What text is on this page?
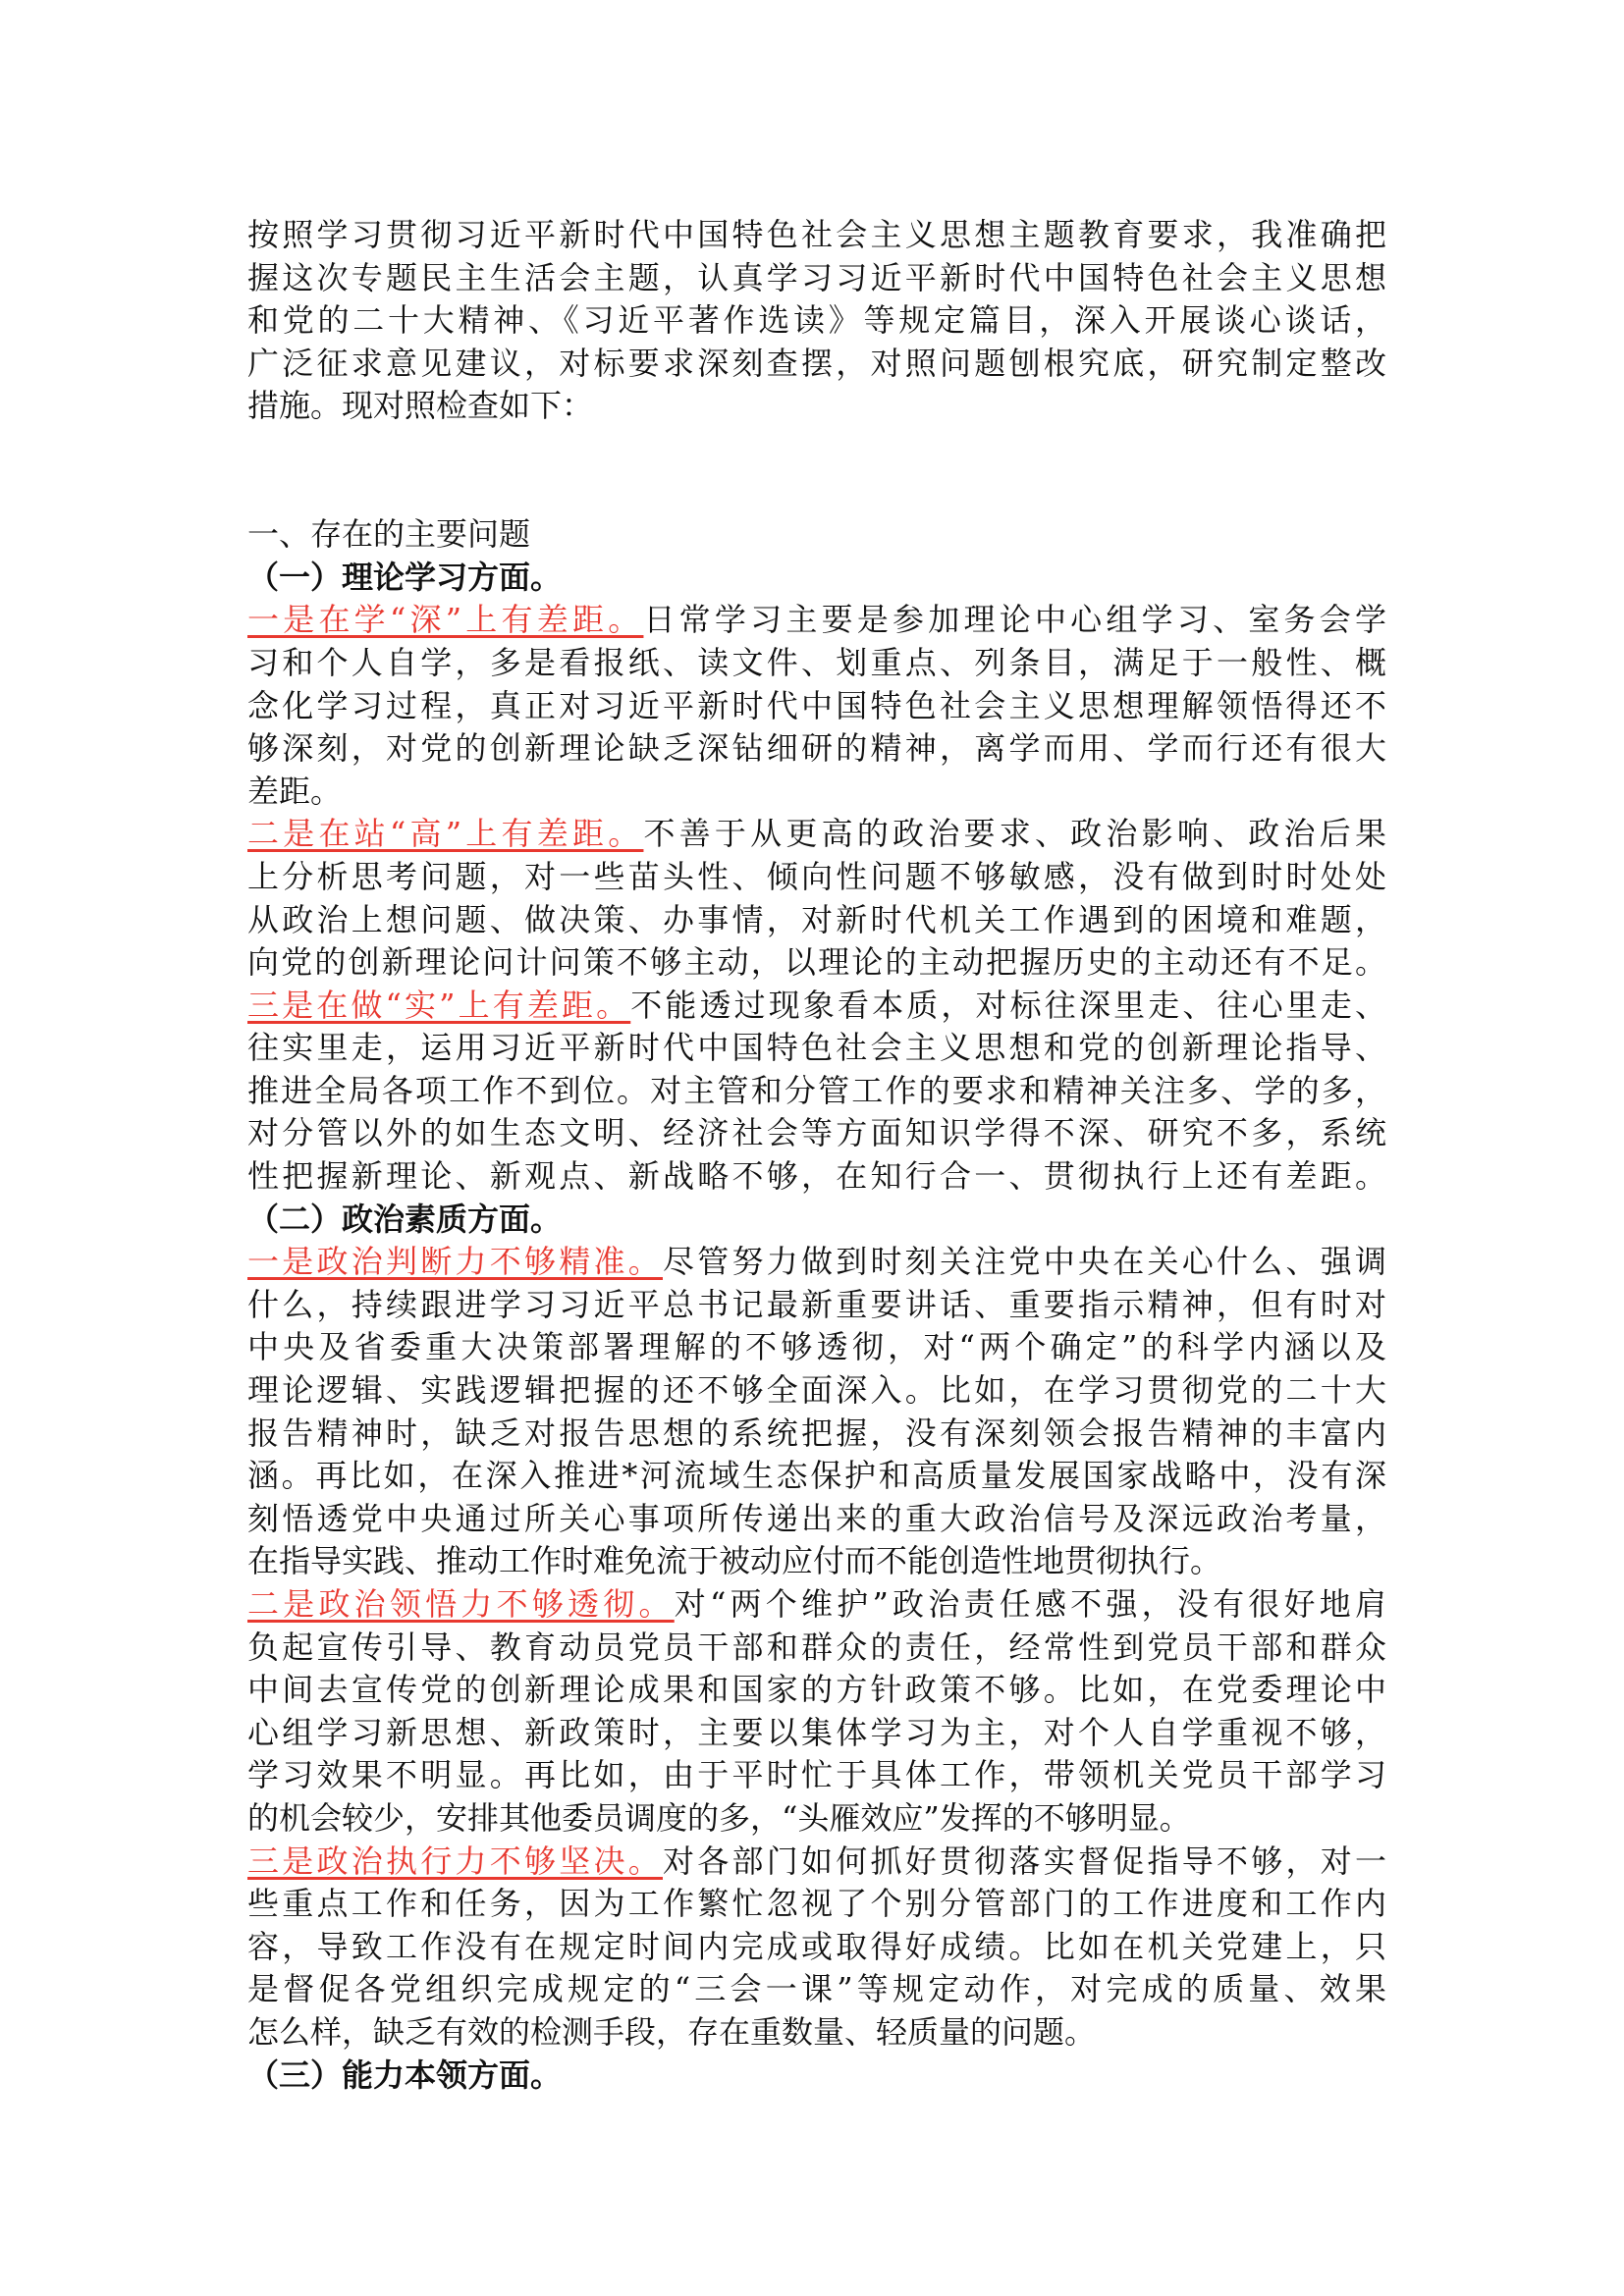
按照学习贯彻习近平新时代中国特色社会主义思想主题教育要求，我准确把
握这次专题民主生活会主题，认真学习习近平新时代中国特色社会主义思想
和党的二十大精神、《习近平著作选读》等规定篇目，深入开展谈心谈话，
广泛征求意见建议，对标要求深刻查摆，对照问题刨根究底，研究制定整改
措施。现对照检查如下：
一、存在的主要问题
（一）理论学习方面。
一是在学“深”上有差距。日常学习主要是参加理论中心组学习、室务会学
习和个人自学，多是看报纸、读文件、划重点、列条目，满足于一般性、概
念化学习过程，真正对习近平新时代中国特色社会主义思想理解领悟得还不
够深刻，对党的创新理论缺乏深钻细研的精神，离学而用、学而行还有很大
差距。
二是在站“高”上有差距。不善于从更高的政治要求、政治影响、政治后果
上分析思考问题，对一些苗头性、倾向性问题不够敏感，没有做到时时处处
从政治上想问题、做决策、办事情，对新时代机关工作遇到的困境和难题，
向党的创新理论问计问策不够主动，以理论的主动把握历史的主动还有不足。
三是在做“实”上有差距。不能透过现象看本质，对标往深里走、往心里走、
往实里走，运用习近平新时代中国特色社会主义思想和党的创新理论指导、
推进全局各项工作不到位。对主管和分管工作的要求和精神关注多、学的多，
对分管以外的如生态文明、经济社会等方面知识学得不深、研究不多，系统
性把握新理论、新观点、新战略不够，在知行合一、贯彻执行上还有差距。
（二）政治素质方面。
一是政治判断力不够精准。尽管努力做到时刻关注党中央在关心什么、强调
什么，持续跟进学习习近平总书记最新重要讲话、重要指示精神，但有时对
中央及省委重大决策部署理解的不够透彻，对“两个确定”的科学内涵以及
理论逻辑、实践逻辑把握的还不够全面深入。比如，在学习贯彻党的二十大
报告精神时，缺乏对报告思想的系统把握，没有深刻领会报告精神的丰富内
涵。再比如，在深入推进*河流域生态保护和高质量发展国家战略中，没有深
刻悟透党中央通过所关心事项所传递出来的重大政治信号及深远政治考量，
在指导实践、推动工作时难免流于被动应付而不能创造性地贯彻执行。
二是政治领悟力不够透彻。对“两个维护”政治责任感不强，没有很好地肩
负起宣传引导、教育动员党员干部和群众的责任，经常性到党员干部和群众
中间去宣传党的创新理论成果和国家的方针政策不够。比如，在党委理论中
心组学习新思想、新政策时，主要以集体学习为主，对个人自学重视不够，
学习效果不明显。再比如，由于平时忙于具体工作，带领机关党员干部学习
的机会较少，安排其他委员调度的多，“头雁效应”发挥的不够明显。
三是政治执行力不够坚决。对各部门如何抓好贯彻落实督促指导不够，对一
些重点工作和任务，因为工作繁忙忽视了个别分管部门的工作进度和工作内
容，导致工作没有在规定时间内完成或取得好成绩。比如在机关党建上，只
是督促各党组织完成规定的“三会一课”等规定动作，对完成的质量、效果
怎么样，缺乏有效的检测手段，存在重数量、轻质量的问题。
（三）能力本领方面。
